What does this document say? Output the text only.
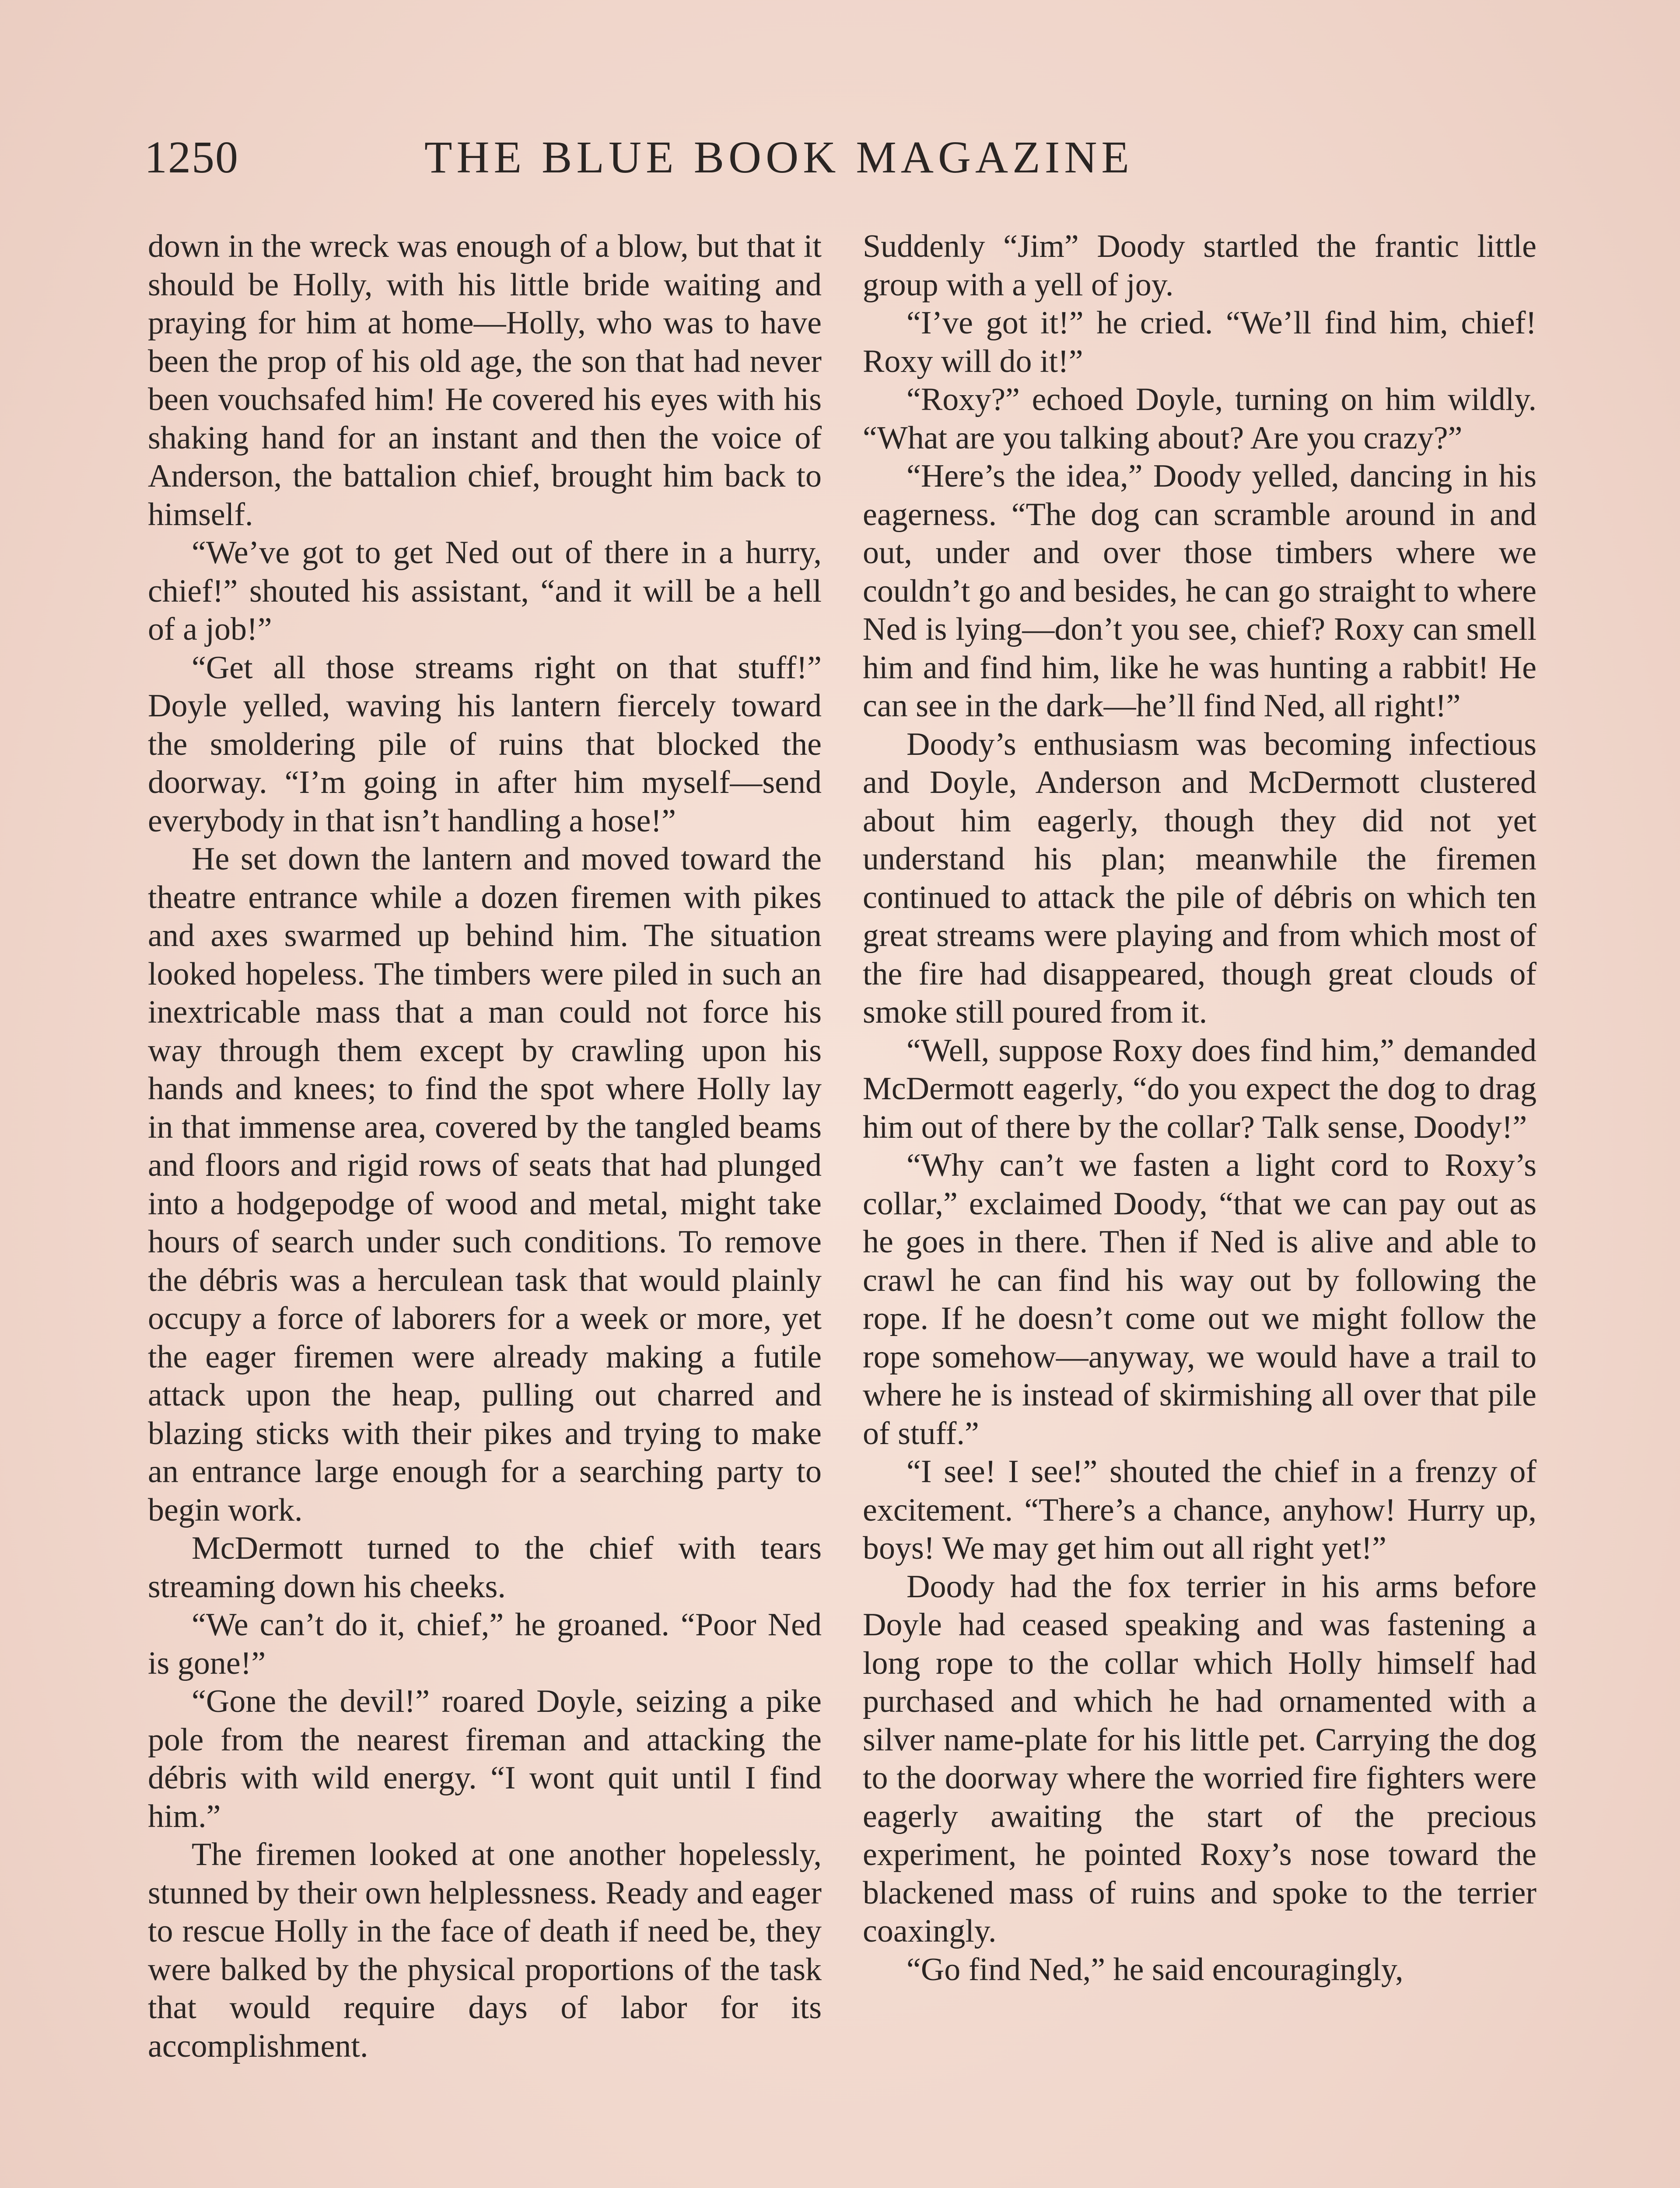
1250	THE BLUE BOOK MAGAZINE

down in the wreck was enough of a blow, but that it should be Holly, with his little bride waiting and praying for him at home—Holly, who was to have been the prop of his old age, the son that had never been vouchsafed him! He covered his eyes with his shaking hand for an instant and then the voice of Anderson, the battalion chief, brought him back to himself.

“We’ve got to get Ned out of there in a hurry, chief!” shouted his assistant, “and it will be a hell of a job!”

“Get all those streams right on that stuff!” Doyle yelled, waving his lantern fiercely toward the smoldering pile of ruins that blocked the doorway. “I’m going in after him myself—send everybody in that isn’t handling a hose!”

He set down the lantern and moved toward the theatre entrance while a dozen firemen with pikes and axes swarmed up behind him. The situation looked hopeless. The timbers were piled in such an inextricable mass that a man could not force his way through them except by crawling upon his hands and knees; to find the spot where Holly lay in that immense area, covered by the tangled beams and floors and rigid rows of seats that had plunged into a hodgepodge of wood and metal, might take hours of search under such conditions. To remove the débris was a herculean task that would plainly occupy a force of laborers for a week or more, yet the eager firemen were already making a futile attack upon the heap, pulling out charred and blazing sticks with their pikes and trying to make an entrance large enough for a searching party to begin work.

McDermott turned to the chief with tears streaming down his cheeks.

“We can’t do it, chief,” he groaned. “Poor Ned is gone!”

“Gone the devil!” roared Doyle, seizing a pike pole from the nearest fireman and attacking the débris with wild energy. “I wont quit until I find him.”

The firemen looked at one another hopelessly, stunned by their own helplessness. Ready and eager to rescue Holly in the face of death if need be, they were balked by the physical proportions of the task that would require days of labor for its accomplishment.

Suddenly “Jim” Doody startled the frantic little group with a yell of joy.

“I’ve got it!” he cried. “We’ll find him, chief! Roxy will do it!”

“Roxy?” echoed Doyle, turning on him wildly. “What are you talking about? Are you crazy?”

“Here’s the idea,” Doody yelled, dancing in his eagerness. “The dog can scramble around in and out, under and over those timbers where we couldn’t go and besides, he can go straight to where Ned is lying—don’t you see, chief? Roxy can smell him and find him, like he was hunting a rabbit! He can see in the dark—he’ll find Ned, all right!”

Doody’s enthusiasm was becoming infectious and Doyle, Anderson and McDermott clustered about him eagerly, though they did not yet understand his plan; meanwhile the firemen continued to attack the pile of débris on which ten great streams were playing and from which most of the fire had disappeared, though great clouds of smoke still poured from it.

“Well, suppose Roxy does find him,” demanded McDermott eagerly, “do you expect the dog to drag him out of there by the collar? Talk sense, Doody!”

“Why can’t we fasten a light cord to Roxy’s collar,” exclaimed Doody, “that we can pay out as he goes in there. Then if Ned is alive and able to crawl he can find his way out by following the rope. If he doesn’t come out we might follow the rope somehow—anyway, we would have a trail to where he is instead of skirmishing all over that pile of stuff.”

“I see! I see!” shouted the chief in a frenzy of excitement. “There’s a chance, anyhow! Hurry up, boys! We may get him out all right yet!”

Doody had the fox terrier in his arms before Doyle had ceased speaking and was fastening a long rope to the collar which Holly himself had purchased and which he had ornamented with a silver name-plate for his little pet. Carrying the dog to the doorway where the worried fire fighters were eagerly awaiting the start of the precious experiment, he pointed Roxy’s nose toward the blackened mass of ruins and spoke to the terrier coaxingly.

“Go find Ned,” he said encouragingly,
